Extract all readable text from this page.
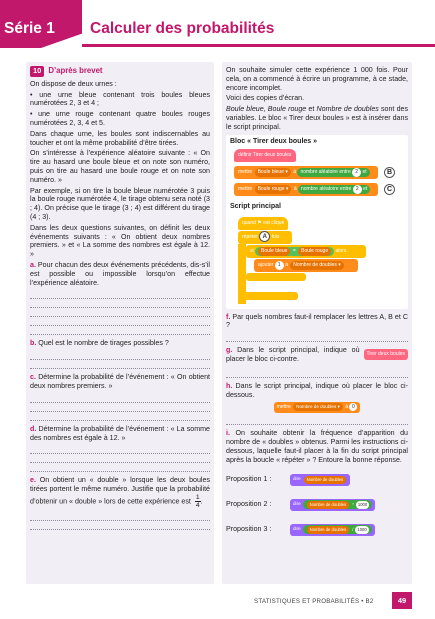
Série 1 Calculer des probabilités
10 D’après brevet

On dispose de deux urnes :

• une urne bleue contenant trois boules bleues numérotées 2, 3 et 4 ;

• une urne rouge contenant quatre boules rouges numérotées 2, 3, 4 et 5.

Dans chaque urne, les boules sont indiscernables au toucher et ont la même probabilité d’être tirées.

On s’intéresse à l’expérience aléatoire suivante : « On tire au hasard une boule bleue et on note son numéro, puis on tire au hasard une boule rouge et on note son numéro. »

Par exemple, si on tire la boule bleue numérotée 3 puis la boule rouge numérotée 4, le tirage obtenu sera noté (3 ; 4). On précise que le tirage (3 ; 4) est différent du tirage (4 ; 3).

Dans les deux questions suivantes, on définit les deux événements suivants : « On obtient deux nombres premiers. » et « La somme des nombres est égale à 12. »

a. Pour chacun des deux événements précédents, dis-s’il est possible ou impossible lorsqu’on effectue l’expérience aléatoire.

b. Quel est le nombre de tirages possibles ?

c. Détermine la probabilité de l’événement : « On obtient deux nombres premiers. »

d. Détermine la probabilité de l’événement : « La somme des nombres est égale à 12. »

e. On obtient un « double » lorsque les deux boules tirées portent le même numéro. Justifie que la probabilité d’obtenir un « double » lors de cette expérience est $\frac{1}{4}$ .

On souhaite simuler cette expérience 1 000 fois. Pour cela, on a commencé à écrire un programme, à ce stade, encore incomplet.

Voici des copies d’écran.

Boule bleue, Boule rouge et Nombre de doubles sont des variables. Le bloc « Tirer deux boules » est à insérer dans le script principal.

Bloc « Tirer deux boules »
définir Tirer deux boules
mettre Boule bleue ▾ à nombre aléatoire entre 2 et	B
mettre Boule rouge ▾ à nombre aléatoire entre 2 et	C
Script principal
quand ⚑ est cliqué
répéter A fois
si Boule bleue = Boule rouge alors
ajouter 1 à Nombre de doubles ▾

f. Par quels nombres faut-il remplacer les lettres A, B et C ?

g. Dans le script principal, indique où placer le bloc ci-contre.

Tirer deux boules

h. Dans le script principal, indique où placer le bloc ci-dessous.

mettre Nombre de doubles ▾ à 0

i. On souhaite obtenir la fréquence d’apparition du nombre de « doubles » obtenus. Parmi les instructions ci-dessous, laquelle faut-il placer à la fin du script principal après la boucle « répéter » ? Entoure la bonne réponse.

Proposition 1 :	dire	Nombre de doubles
Proposition 2 :	dire	Nombre de doubles	* 1000
Proposition 3 :	dire	Nombre de doubles	/ 1000
STATISTIQUES ET PROBABILITÉS • B2	49
